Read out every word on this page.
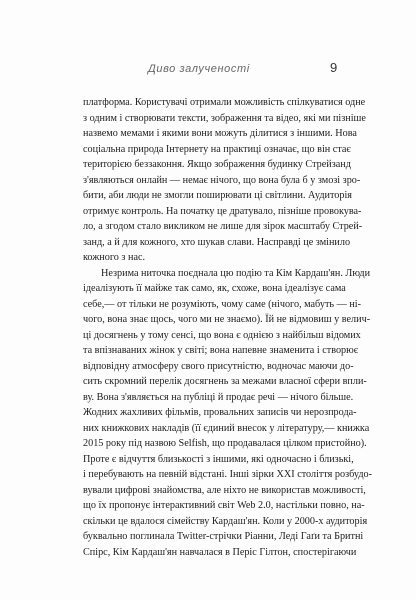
Диво залученості	9
платформа. Користувачі отримали можливість спілкуватися одне
з одним і створювати тексти, зображення та відео, які ми пізніше
назвемо мемами і якими вони можуть ділитися з іншими. Нова
соціальна природа Інтернету на практиці означає, що він стає
територією беззаконня. Якщо зображення будинку Стрейзанд
з'являються онлайн — немає нічого, що вона була б у змозі зро-
бити, аби люди не змогли поширювати ці світлини. Аудиторія
отримує контроль. На початку це дратувало, пізніше провокува-
ло, а згодом стало викликом не лише для зірок масштабу Стрей-
занд, а й для кожного, хто шукав слави. Насправді це змінило
кожного з нас.
Незрима ниточка поєднала цю подію та Кім Кардаш'ян. Люди
ідеалізують її майже так само, як, схоже, вона ідеалізує сама
себе,— от тільки не розуміють, чому саме (нічого, мабуть — ні-
чого, вона знає щось, чого ми не знаємо). Їй не відмовиш у велич-
ці досягнень у тому сенсі, що вона є однією з найбільш відомих
та впізнаваних жінок у світі; вона напевне знаменита і створює
відповідну атмосферу свого присутністю, водночас маючи до-
сить скромний перелік досягнень за межами власної сфери впли-
ву. Вона з'являється на публіці й продає речі — нічого більше.
Жодних жахливих фільмів, провальних записів чи нерозпрода-
них книжкових накладів (її єдиний внесок у літературу,— книжка
2015 року під назвою Selfish, що продавалася цілком пристойно).
Проте є відчуття близькості з іншими, які одночасно і близькі,
і перебувають на певній відстані. Інші зірки XXI століття розбудо-
вували цифрові знайомства, але ніхто не використав можливості,
що їх пропонує інтерактивний світ Web 2.0, настільки повно, на-
скільки це вдалося сімейству Кардаш'ян. Коли у 2000-х аудиторія
буквально поглинала Twitter-стрічки Ріанни, Леді Гаґи та Бритні
Спірс, Кім Кардаш'ян навчалася в Періс Гілтон, спостерігаючи
